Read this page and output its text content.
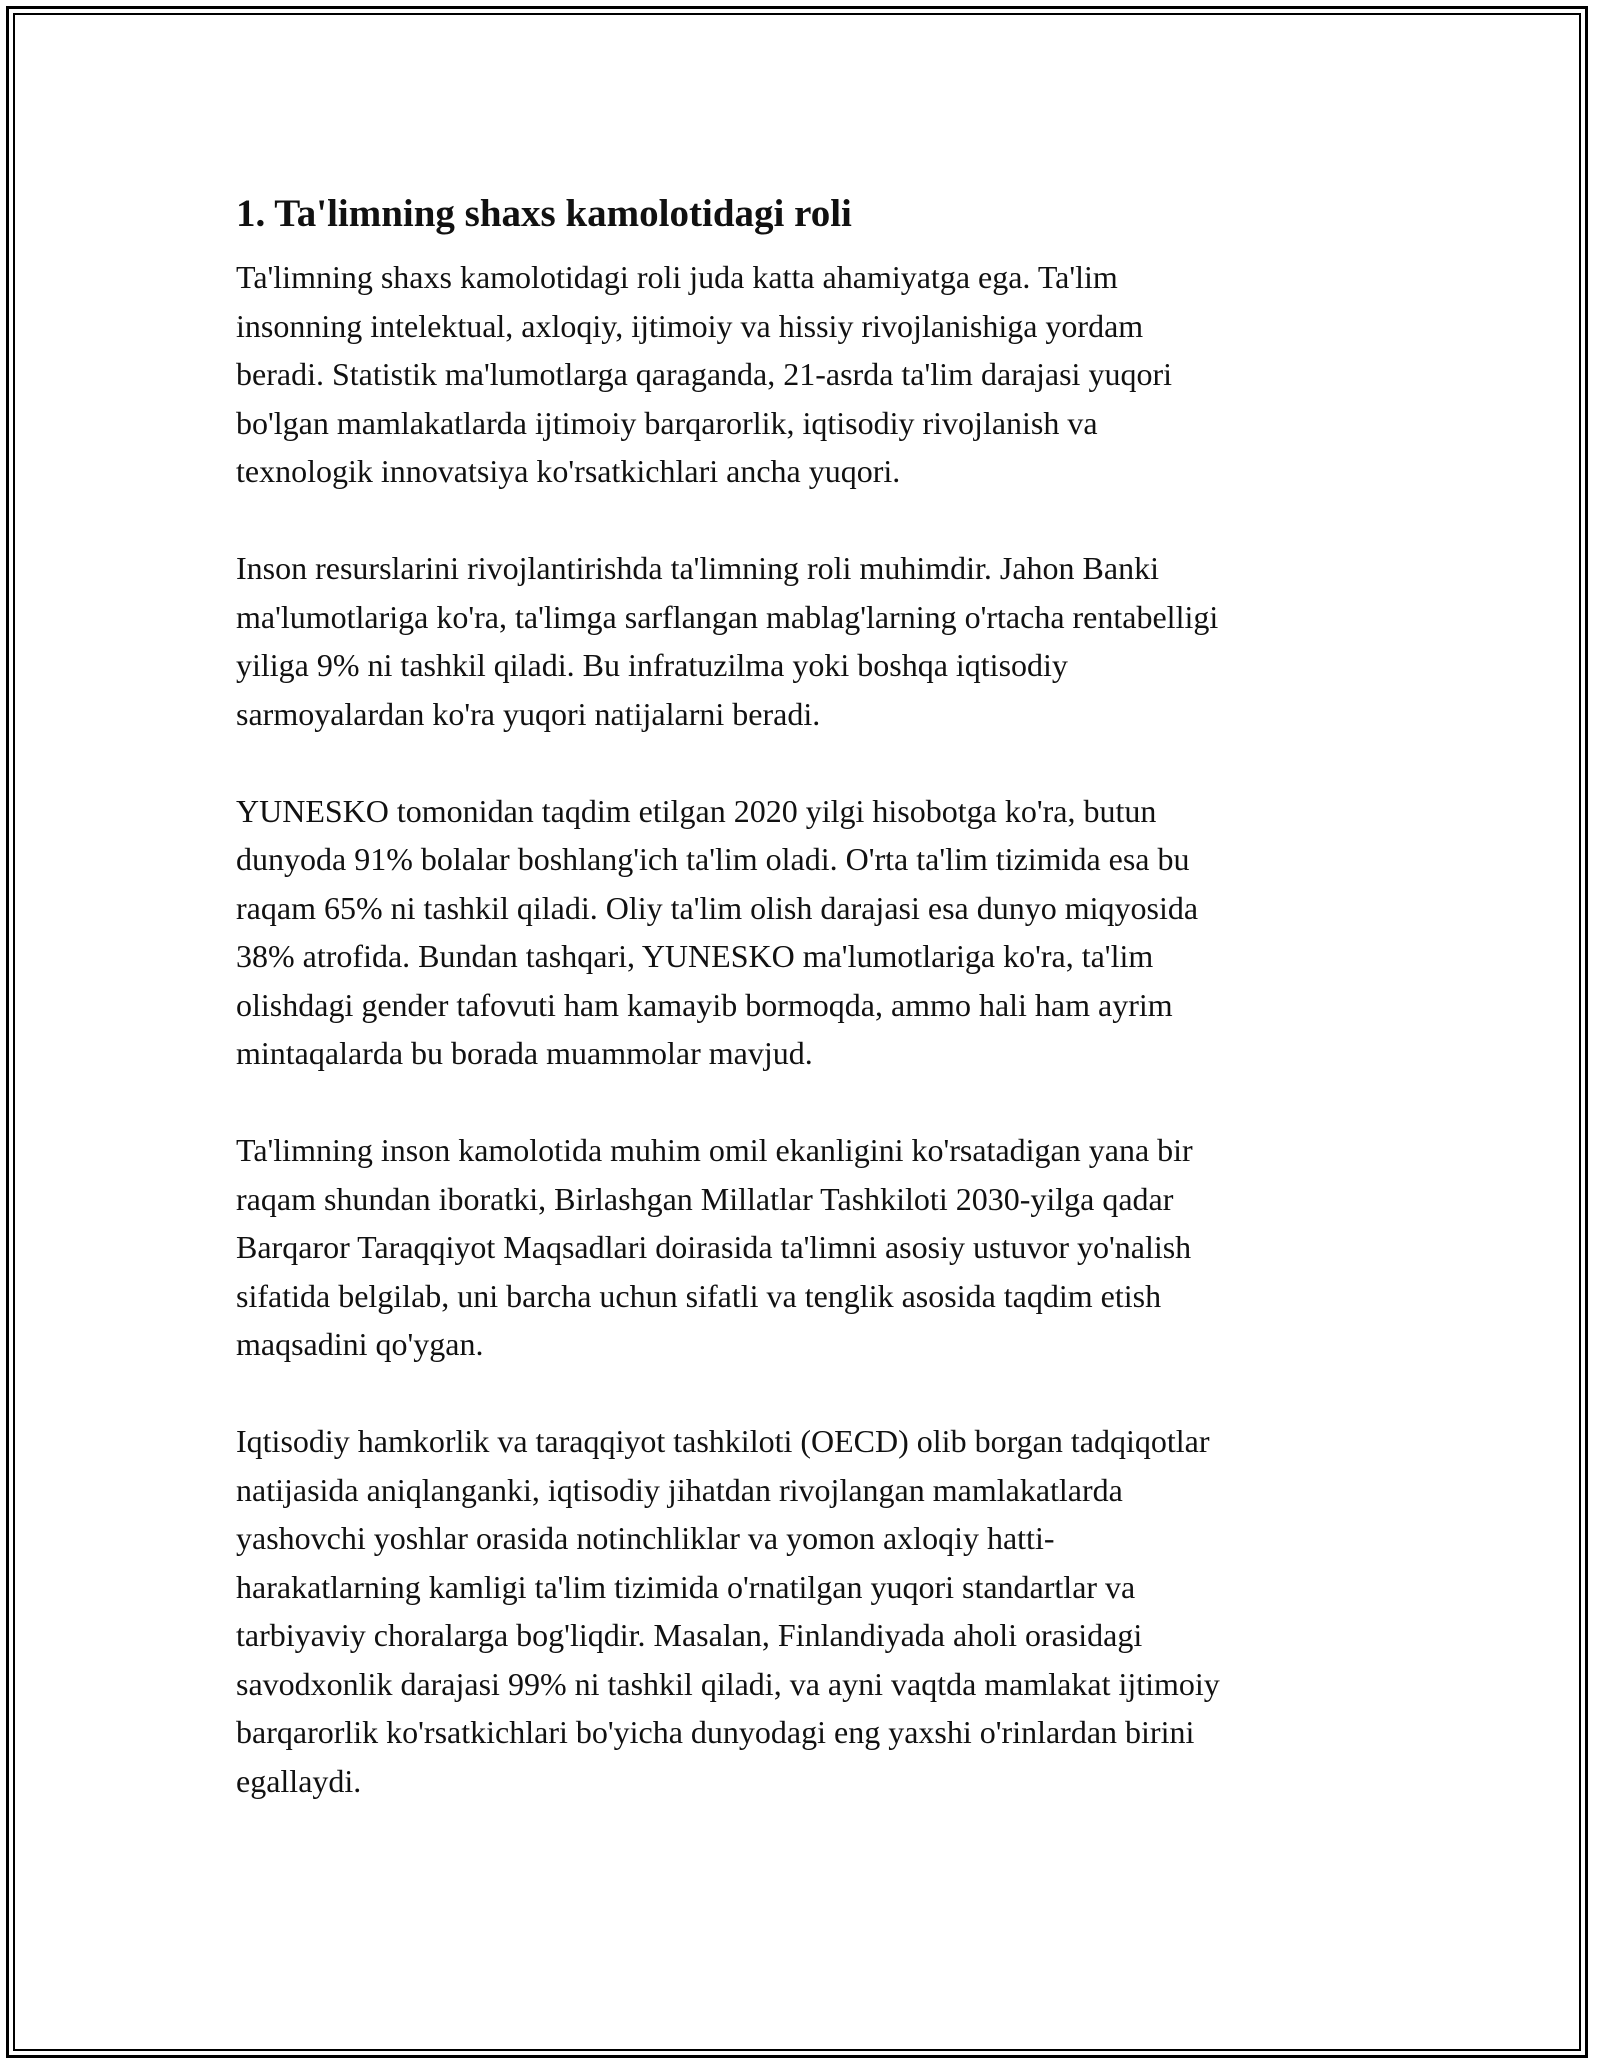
1. Ta'limning shaxs kamolotidagi roli

Ta'limning shaxs kamolotidagi roli juda katta ahamiyatga ega. Ta'lim
insonning intelektual, axloqiy, ijtimoiy va hissiy rivojlanishiga yordam
beradi. Statistik ma'lumotlarga qaraganda, 21-asrda ta'lim darajasi yuqori
bo'lgan mamlakatlarda ijtimoiy barqarorlik, iqtisodiy rivojlanish va
texnologik innovatsiya ko'rsatkichlari ancha yuqori.

Inson resurslarini rivojlantirishda ta'limning roli muhimdir. Jahon Banki
ma'lumotlariga ko'ra, ta'limga sarflangan mablag'larning o'rtacha rentabelligi
yiliga 9% ni tashkil qiladi. Bu infratuzilma yoki boshqa iqtisodiy
sarmoyalardan ko'ra yuqori natijalarni beradi.

YUNESKO tomonidan taqdim etilgan 2020 yilgi hisobotga ko'ra, butun
dunyoda 91% bolalar boshlang'ich ta'lim oladi. O'rta ta'lim tizimida esa bu
raqam 65% ni tashkil qiladi. Oliy ta'lim olish darajasi esa dunyo miqyosida
38% atrofida. Bundan tashqari, YUNESKO ma'lumotlariga ko'ra, ta'lim
olishdagi gender tafovuti ham kamayib bormoqda, ammo hali ham ayrim
mintaqalarda bu borada muammolar mavjud.

Ta'limning inson kamolotida muhim omil ekanligini ko'rsatadigan yana bir
raqam shundan iboratki, Birlashgan Millatlar Tashkiloti 2030-yilga qadar
Barqaror Taraqqiyot Maqsadlari doirasida ta'limni asosiy ustuvor yo'nalish
sifatida belgilab, uni barcha uchun sifatli va tenglik asosida taqdim etish
maqsadini qo'ygan.

Iqtisodiy hamkorlik va taraqqiyot tashkiloti (OECD) olib borgan tadqiqotlar
natijasida aniqlanganki, iqtisodiy jihatdan rivojlangan mamlakatlarda
yashovchi yoshlar orasida notinchliklar va yomon axloqiy hatti-
harakatlarning kamligi ta'lim tizimida o'rnatilgan yuqori standartlar va
tarbiyaviy choralarga bog'liqdir. Masalan, Finlandiyada aholi orasidagi
savodxonlik darajasi 99% ni tashkil qiladi, va ayni vaqtda mamlakat ijtimoiy
barqarorlik ko'rsatkichlari bo'yicha dunyodagi eng yaxshi o'rinlardan birini
egallaydi.
